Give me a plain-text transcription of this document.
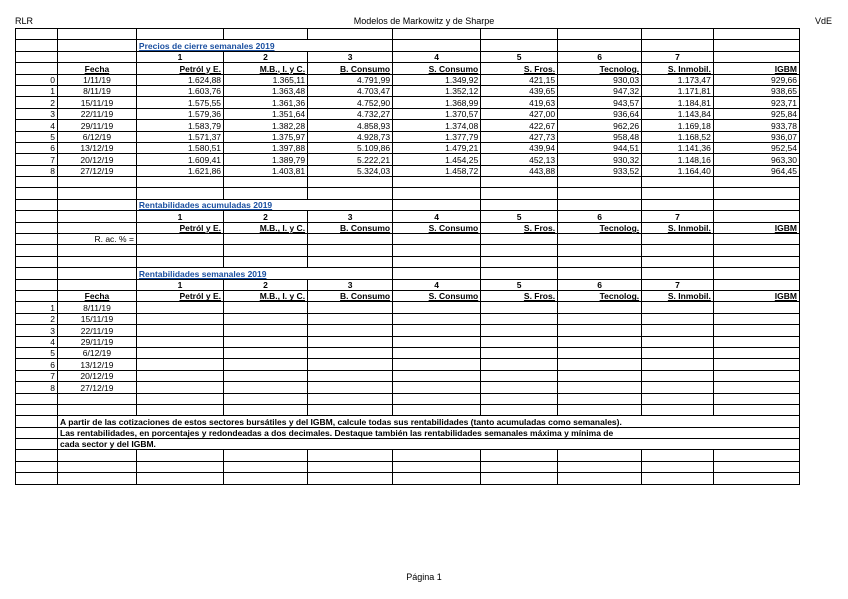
RLR	Modelos de Markowitz y de Sharpe	VdE

		Precios de cierre semanales 2019							
		1	2	3	4	5	6	7	
	Fecha	Petról y E.	M.B., I. y C.	B. Consumo	S. Consumo	S. Fros.	Tecnolog.	S. Inmobil.	IGBM
0	1/11/19	1.624,88	1.365,11	4.791,99	1.349,92	421,15	930,03	1.173,47	929,66
1	8/11/19	1.603,76	1.363,48	4.703,47	1.352,12	439,65	947,32	1.171,81	938,65
2	15/11/19	1.575,55	1.361,36	4.752,90	1.368,99	419,63	943,57	1.184,81	923,71
3	22/11/19	1.579,36	1.351,64	4.732,27	1.370,57	427,00	936,64	1.143,84	925,84
4	29/11/19	1.583,79	1.382,28	4.858,93	1.374,08	422,67	962,26	1.169,18	933,78
5	6/12/19	1.571,37	1.375,97	4.928,73	1.377,79	427,73	958,48	1.168,52	936,07
6	13/12/19	1.580,51	1.397,88	5.109,86	1.479,21	439,94	944,51	1.141,36	952,54
7	20/12/19	1.609,41	1.389,79	5.222,21	1.454,25	452,13	930,32	1.148,16	963,30
8	27/12/19	1.621,86	1.403,81	5.324,03	1.458,72	443,88	933,52	1.164,40	964,45

		Rentabilidades acumuladas 2019							
		1	2	3	4	5	6	7	
		Petról y E.	M.B., I. y C.	B. Consumo	S. Consumo	S. Fros.	Tecnolog.	S. Inmobil.	IGBM
	R. ac. % =								

		Rentabilidades semanales 2019							
		1	2	3	4	5	6	7	
	Fecha	Petról y E.	M.B., I. y C.	B. Consumo	S. Consumo	S. Fros.	Tecnolog.	S. Inmobil.	IGBM
1	8/11/19								
2	15/11/19								
3	22/11/19								
4	29/11/19								
5	6/12/19								
6	13/12/19								
7	20/12/19								
8	27/12/19								

	A partir de las cotizaciones de estos sectores bursátiles y del IGBM, calcule todas sus rentabilidades (tanto acumuladas como semanales).								
	Las rentabilidades, en porcentajes y redondeadas a dos decimales. Destaque también las rentabilidades semanales máxima y mínima de								
	cada sector y del IGBM.								

Página 1
